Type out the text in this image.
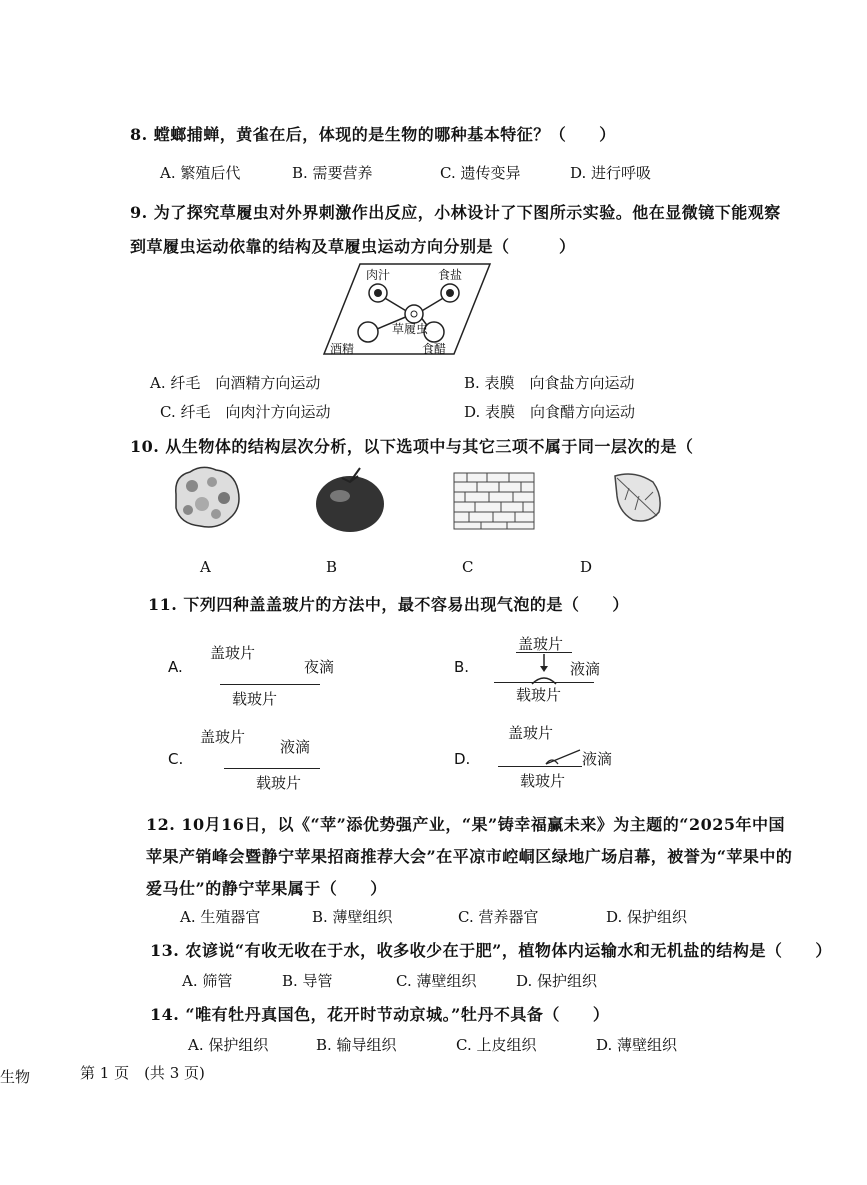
8. 螳螂捕蝉，黄雀在后，体现的是生物的哪种基本特征？（　　）
A. 繁殖后代	B. 需要营养	C. 遗传变异	D. 进行呼吸
9. 为了探究草履虫对外界刺激作出反应，小林设计了下图所示实验。他在显微镜下能观察
到草履虫运动依靠的结构及草履虫运动方向分别是（　　　）
肉汁	食盐
草履虫
酒精	食醋
A. 纤毛　向酒精方向运动	B. 表膜　向食盐方向运动
C. 纤毛　向肉汁方向运动	D. 表膜　向食醋方向运动
10. 从生物体的结构层次分析，以下选项中与其它三项不属于同一层次的是（
A	B	C	D
11. 下列四种盖盖玻片的方法中，最不容易出现气泡的是（　　）
A.
盖玻片
夜滴
载玻片
B.
盖玻片
液滴
载玻片
C.
盖玻片
液滴
载玻片
D.
盖玻片
液滴
载玻片
12. 10月16日，以《“苹”添优势强产业，“果”铸幸福赢未来》为主题的“2025年中国
苹果产销峰会暨静宁苹果招商推荐大会”在平凉市崆峒区绿地广场启幕，被誉为“苹果中的
爱马仕”的静宁苹果属于（　　）
A. 生殖器官	B. 薄壁组织	C. 营养器官	D. 保护组织
13. 农谚说“有收无收在于水，收多收少在于肥”，植物体内运输水和无机盐的结构是（　　）
A. 筛管	B. 导管	C. 薄壁组织	D. 保护组织
14. “唯有牡丹真国色，花开时节动京城。”牡丹不具备（　　）
A. 保护组织	B. 输导组织	C. 上皮组织	D. 薄壁组织
生物	第 1 页　(共 3 页)
